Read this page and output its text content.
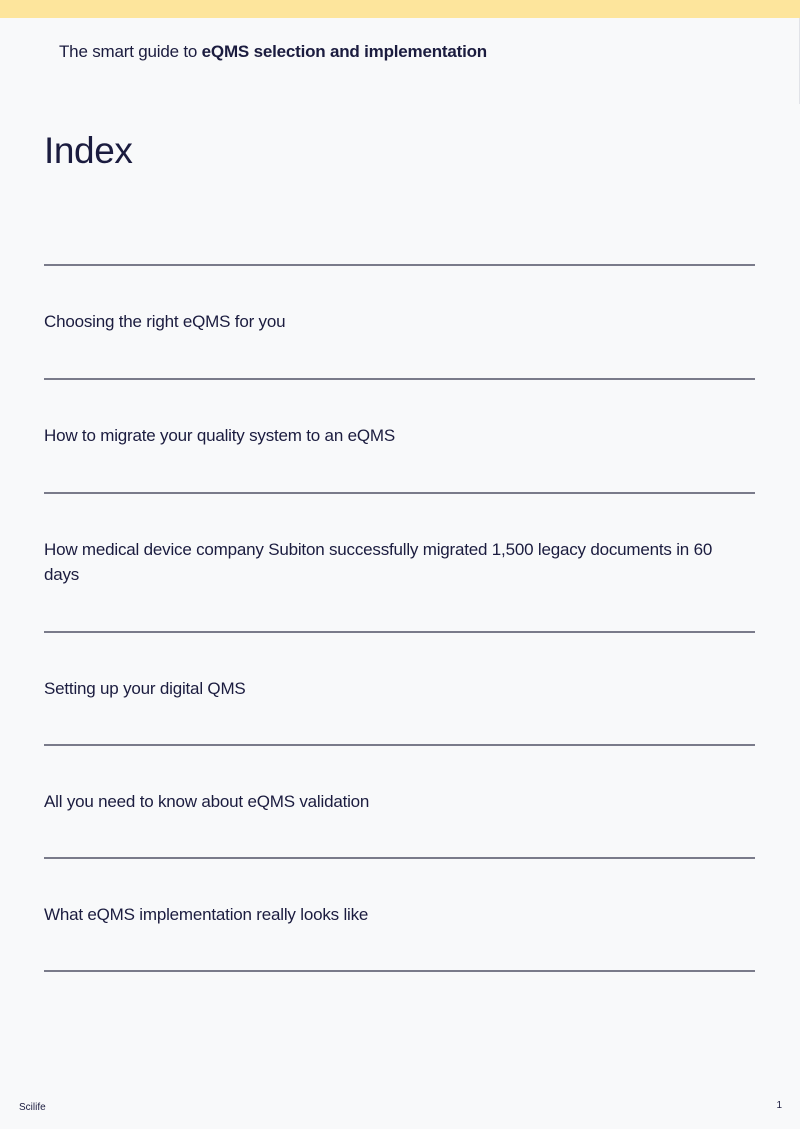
The smart guide to eQMS selection and implementation
Index
Choosing the right eQMS for you
How to migrate your quality system to an eQMS
How medical device company Subiton successfully migrated 1,500 legacy documents in 60 days
Setting up your digital QMS
All you need to know about eQMS validation
What eQMS implementation really looks like
Scilife	1
